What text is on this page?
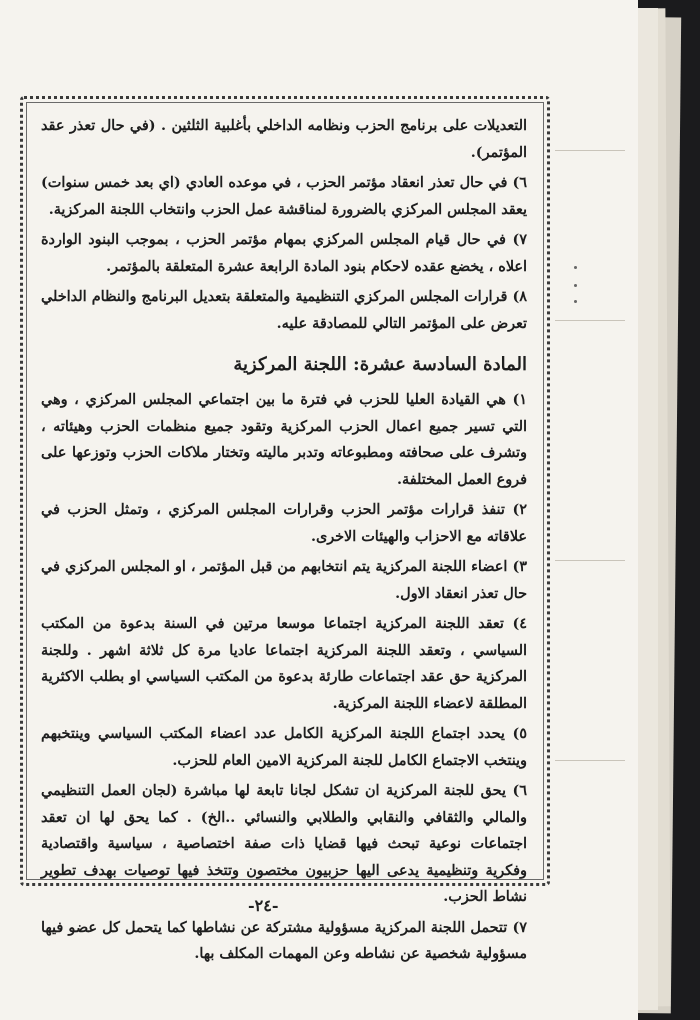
التعديلات على برنامج الحزب ونظامه الداخلي بأغلبية الثلثين . (في حال تعذر عقد المؤتمر).

٦) في حال تعذر انعقاد مؤتمر الحزب ، في موعده العادي (اي بعد خمس سنوات) يعقد المجلس المركزي بالضرورة لمناقشة عمل الحزب وانتخاب اللجنة المركزية.

٧) في حال قيام المجلس المركزي بمهام مؤتمر الحزب ، بموجب البنود الواردة اعلاه ، يخضع عقده لاحكام بنود المادة الرابعة عشرة المتعلقة بالمؤتمر.

٨) قرارات المجلس المركزي التنظيمية والمتعلقة بتعديل البرنامج والنظام الداخلي تعرض على المؤتمر التالي للمصادقة عليه.

المادة السادسة عشرة: اللجنة المركزية

١) هي القيادة العليا للحزب في فترة ما بين اجتماعي المجلس المركزي ، وهي التي تسير جميع اعمال الحزب المركزية وتقود جميع منظمات الحزب وهيئاته ، وتشرف على صحافته ومطبوعاته وتدبر ماليته وتختار ملاكات الحزب وتوزعها على فروع العمل المختلفة.

٢) تنفذ قرارات مؤتمر الحزب وقرارات المجلس المركزي ، وتمثل الحزب في علاقاته مع الاحزاب والهيئات الاخرى.

٣) اعضاء اللجنة المركزية يتم انتخابهم من قبل المؤتمر ، او المجلس المركزي في حال تعذر انعقاد الاول.

٤) تعقد اللجنة المركزية اجتماعا موسعا مرتين في السنة بدعوة من المكتب السياسي ، وتعقد اللجنة المركزية اجتماعا عاديا مرة كل ثلاثة اشهر . وللجنة المركزية حق عقد اجتماعات طارئة بدعوة من المكتب السياسي او بطلب الاكثرية المطلقة لاعضاء اللجنة المركزية.

٥) يحدد اجتماع اللجنة المركزية الكامل عدد اعضاء المكتب السياسي وينتخبهم وينتخب الاجتماع الكامل للجنة المركزية الامين العام للحزب.

٦) يحق للجنة المركزية ان تشكل لجانا تابعة لها مباشرة (لجان العمل التنظيمي والمالي والثقافي والنقابي والطلابي والنسائي ..الخ) . كما يحق لها ان تعقد اجتماعات نوعية تبحث فيها قضايا ذات صفة اختصاصية ، سياسية واقتصادية وفكرية وتنظيمية يدعى اليها حزبيون مختصون وتتخذ فيها توصيات بهدف تطوير نشاط الحزب.

٧) تتحمل اللجنة المركزية مسؤولية مشتركة عن نشاطها كما يتحمل كل عضو فيها مسؤولية شخصية عن نشاطه وعن المهمات المكلف بها.

-٢٤-
